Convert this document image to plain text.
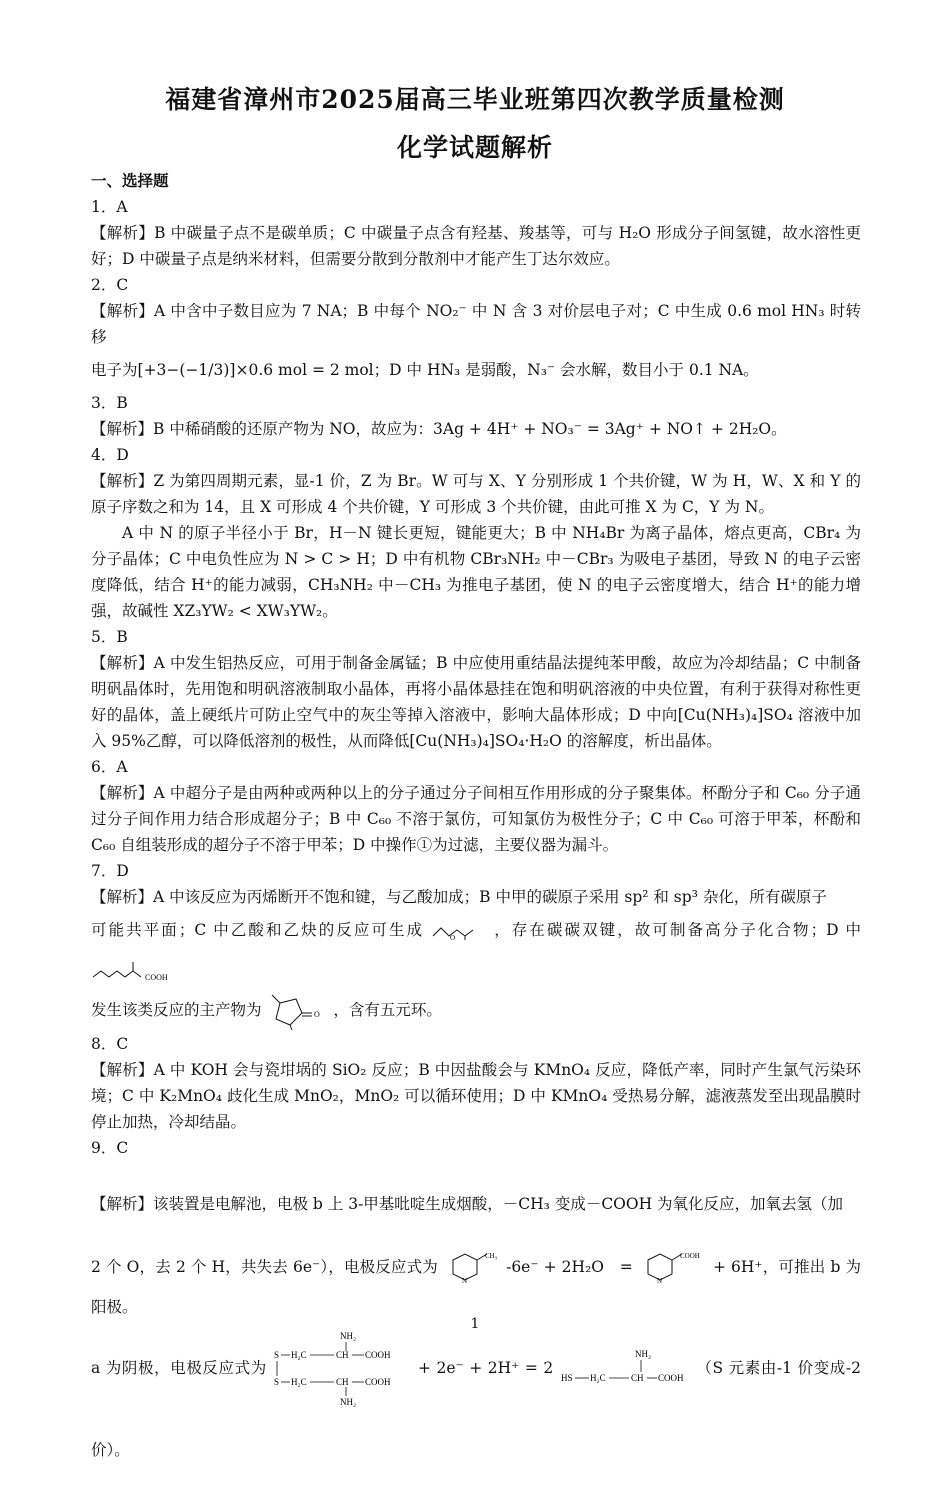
福建省漳州市2025届高三毕业班第四次教学质量检测
化学试题解析

一、选择题

1．A

【解析】B 中碳量子点不是碳单质；C 中碳量子点含有羟基、羧基等，可与 H₂O 形成分子间氢键，故水溶性更好；D 中碳量子点是纳米材料，但需要分散到分散剂中才能产生丁达尔效应。

2．C

【解析】A 中含中子数目应为 7 NA；B 中每个 NO₂⁻ 中 N 含 3 对价层电子对；C 中生成 0.6 mol HN₃ 时转移

电子为[+3−(−1/3)]×0.6 mol = 2 mol；D 中 HN₃ 是弱酸，N₃⁻ 会水解，数目小于 0.1 NA。

3．B

【解析】B 中稀硝酸的还原产物为 NO，故应为：3Ag + 4H⁺ + NO₃⁻ = 3Ag⁺ + NO↑ + 2H₂O。

4．D

【解析】Z 为第四周期元素，显-1 价，Z 为 Br。W 可与 X、Y 分别形成 1 个共价键，W 为 H，W、X 和 Y 的原子序数之和为 14，且 X 可形成 4 个共价键，Y 可形成 3 个共价键，由此可推 X 为 C，Y 为 N。

A 中 N 的原子半径小于 Br，H－N 键长更短，键能更大；B 中 NH₄Br 为离子晶体，熔点更高，CBr₄ 为分子晶体；C 中电负性应为 N > C > H；D 中有机物 CBr₃NH₂ 中－CBr₃ 为吸电子基团，导致 N 的电子云密度降低，结合 H⁺的能力减弱，CH₃NH₂ 中－CH₃ 为推电子基团，使 N 的电子云密度增大，结合 H⁺的能力增强，故碱性 XZ₃YW₂ < XW₃YW₂。

5．B

【解析】A 中发生铝热反应，可用于制备金属锰；B 中应使用重结晶法提纯苯甲酸，故应为冷却结晶；C 中制备明矾晶体时，先用饱和明矾溶液制取小晶体，再将小晶体悬挂在饱和明矾溶液的中央位置，有利于获得对称性更好的晶体，盖上硬纸片可防止空气中的灰尘等掉入溶液中，影响大晶体形成；D 中向[Cu(NH₃)₄]SO₄ 溶液中加入 95%乙醇，可以降低溶剂的极性，从而降低[Cu(NH₃)₄]SO₄·H₂O 的溶解度，析出晶体。

6．A

【解析】A 中超分子是由两种或两种以上的分子通过分子间相互作用形成的分子聚集体。杯酚分子和 C₆₀ 分子通过分子间作用力结合形成超分子；B 中 C₆₀ 不溶于氯仿，可知氯仿为极性分子；C 中 C₆₀ 可溶于甲苯，杯酚和 C₆₀ 自组装形成的超分子不溶于甲苯；D 中操作①为过滤，主要仪器为漏斗。

7．D

【解析】A 中该反应为丙烯断开不饱和键，与乙酸加成；B 中甲的碳原子采用 sp² 和 sp³ 杂化，所有碳原子

可能共平面；C 中乙酸和乙炔的反应可生成	O	，存在碳碳双键，故可制备高分子化合物；D 中
COOH

发生该类反应的主产物为	O ，含有五元环。

8．C

【解析】A 中 KOH 会与瓷坩埚的 SiO₂ 反应；B 中因盐酸会与 KMnO₄ 反应，降低产率，同时产生氯气污染环境；C 中 K₂MnO₄ 歧化生成 MnO₂，MnO₂ 可以循环使用；D 中 KMnO₄ 受热易分解，滤液蒸发至出现晶膜时停止加热，冷却结晶。

9．C

【解析】该装置是电解池，电极 b 上 3-甲基吡啶生成烟酸，－CH₃ 变成－COOH 为氧化反应，加氧去氢（加

2 个 O，去 2 个 H，共失去 6e⁻），电极反应式为
CH₃
N
-6e⁻ + 2H₂O　=
COOH
N
+ 6H⁺，可推出 b 为阳极。

a 为阴极，电极反应式为
NH₂
S H₂C	CH COOH
S H₂C	CH COOH
NH₂
+ 2e⁻ + 2H⁺ = 2
NH₂
HS H₂C	CH COOH
（S 元素由-1 价变成-2 价）。

1
